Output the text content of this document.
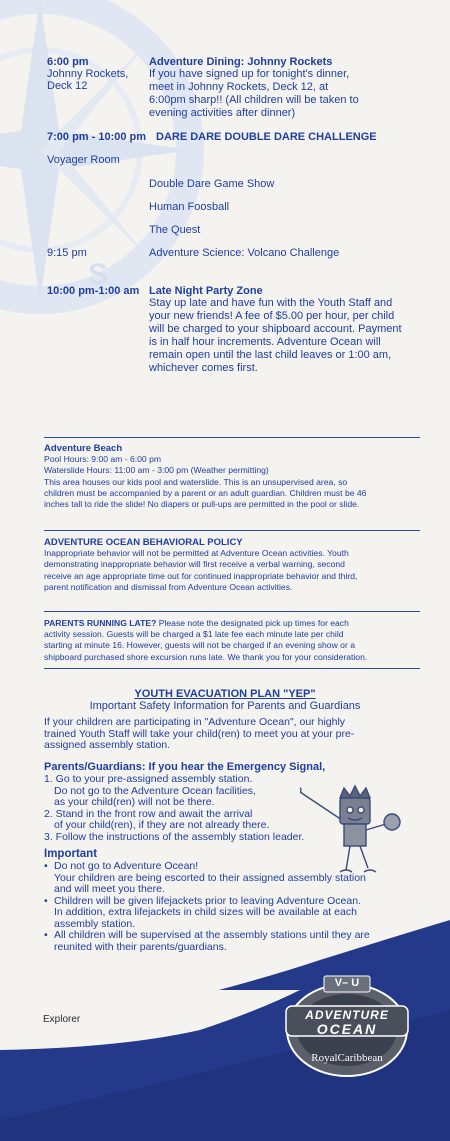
S
6:00 pm
Johnny Rockets,
Deck 12
Adventure Dining: Johnny Rockets
If you have signed up for tonight's dinner,
meet in Johnny Rockets, Deck 12, at
6:00pm sharp!! (All children will be taken to
evening activities after dinner)
7:00 pm - 10:00 pm DARE DARE DOUBLE DARE CHALLENGE
Voyager Room
Double Dare Game Show
Human Foosball
The Quest
9:15 pm	Adventure Science: Volcano Challenge
10:00 pm-1:00 am Late Night Party Zone
Stay up late and have fun with the Youth Staff and
your new friends! A fee of $5.00 per hour, per child
will be charged to your shipboard account. Payment
is in half hour increments. Adventure Ocean will
remain open until the last child leaves or 1:00 am,
whichever comes first.
Adventure Beach
Pool Hours: 9:00 am - 6:00 pm
Waterslide Hours: 11:00 am - 3:00 pm (Weather permitting)
This area houses our kids pool and waterslide. This is an unsupervised area, so
children must be accompanied by a parent or an adult guardian. Children must be 46
inches tall to ride the slide! No diapers or pull-ups are permitted in the pool or slide.
ADVENTURE OCEAN BEHAVIORAL POLICY
Inappropriate behavior will not be permitted at Adventure Ocean activities. Youth
demonstrating inappropriate behavior will first receive a verbal warning, second
receive an age appropriate time out for continued inappropriate behavior and third,
parent notification and dismissal from Adventure Ocean activities.
PARENTS RUNNING LATE? Please note the designated pick up times for each
activity session. Guests will be charged a $1 late fee each minute late per child
starting at minute 16. However, guests will not be charged if an evening show or a
shipboard purchased shore excursion runs late. We thank you for your consideration.
YOUTH EVACUATION PLAN "YEP"
Important Safety Information for Parents and Guardians
If your children are participating in "Adventure Ocean", our highly
trained Youth Staff will take your child(ren) to meet you at your pre-
assigned assembly station.
Parents/Guardians: If you hear the Emergency Signal,
1. Go to your pre-assigned assembly station.
Do not go to the Adventure Ocean facilities,
as your child(ren) will not be there.
2. Stand in the front row and await the arrival
of your child(ren), if they are not already there.
3. Follow the instructions of the assembly station leader.
Important
• Do not go to Adventure Ocean!
Your children are being escorted to their assigned assembly station
and will meet you there.
• Children will be given lifejackets prior to leaving Adventure Ocean.
In addition, extra lifejackets in child sizes will be available at each
assembly station.
• All children will be supervised at the assembly stations until they are
reunited with their parents/guardians.
Explorer
V– U
ADVENTURE
OCEAN
RoyalCaribbean
